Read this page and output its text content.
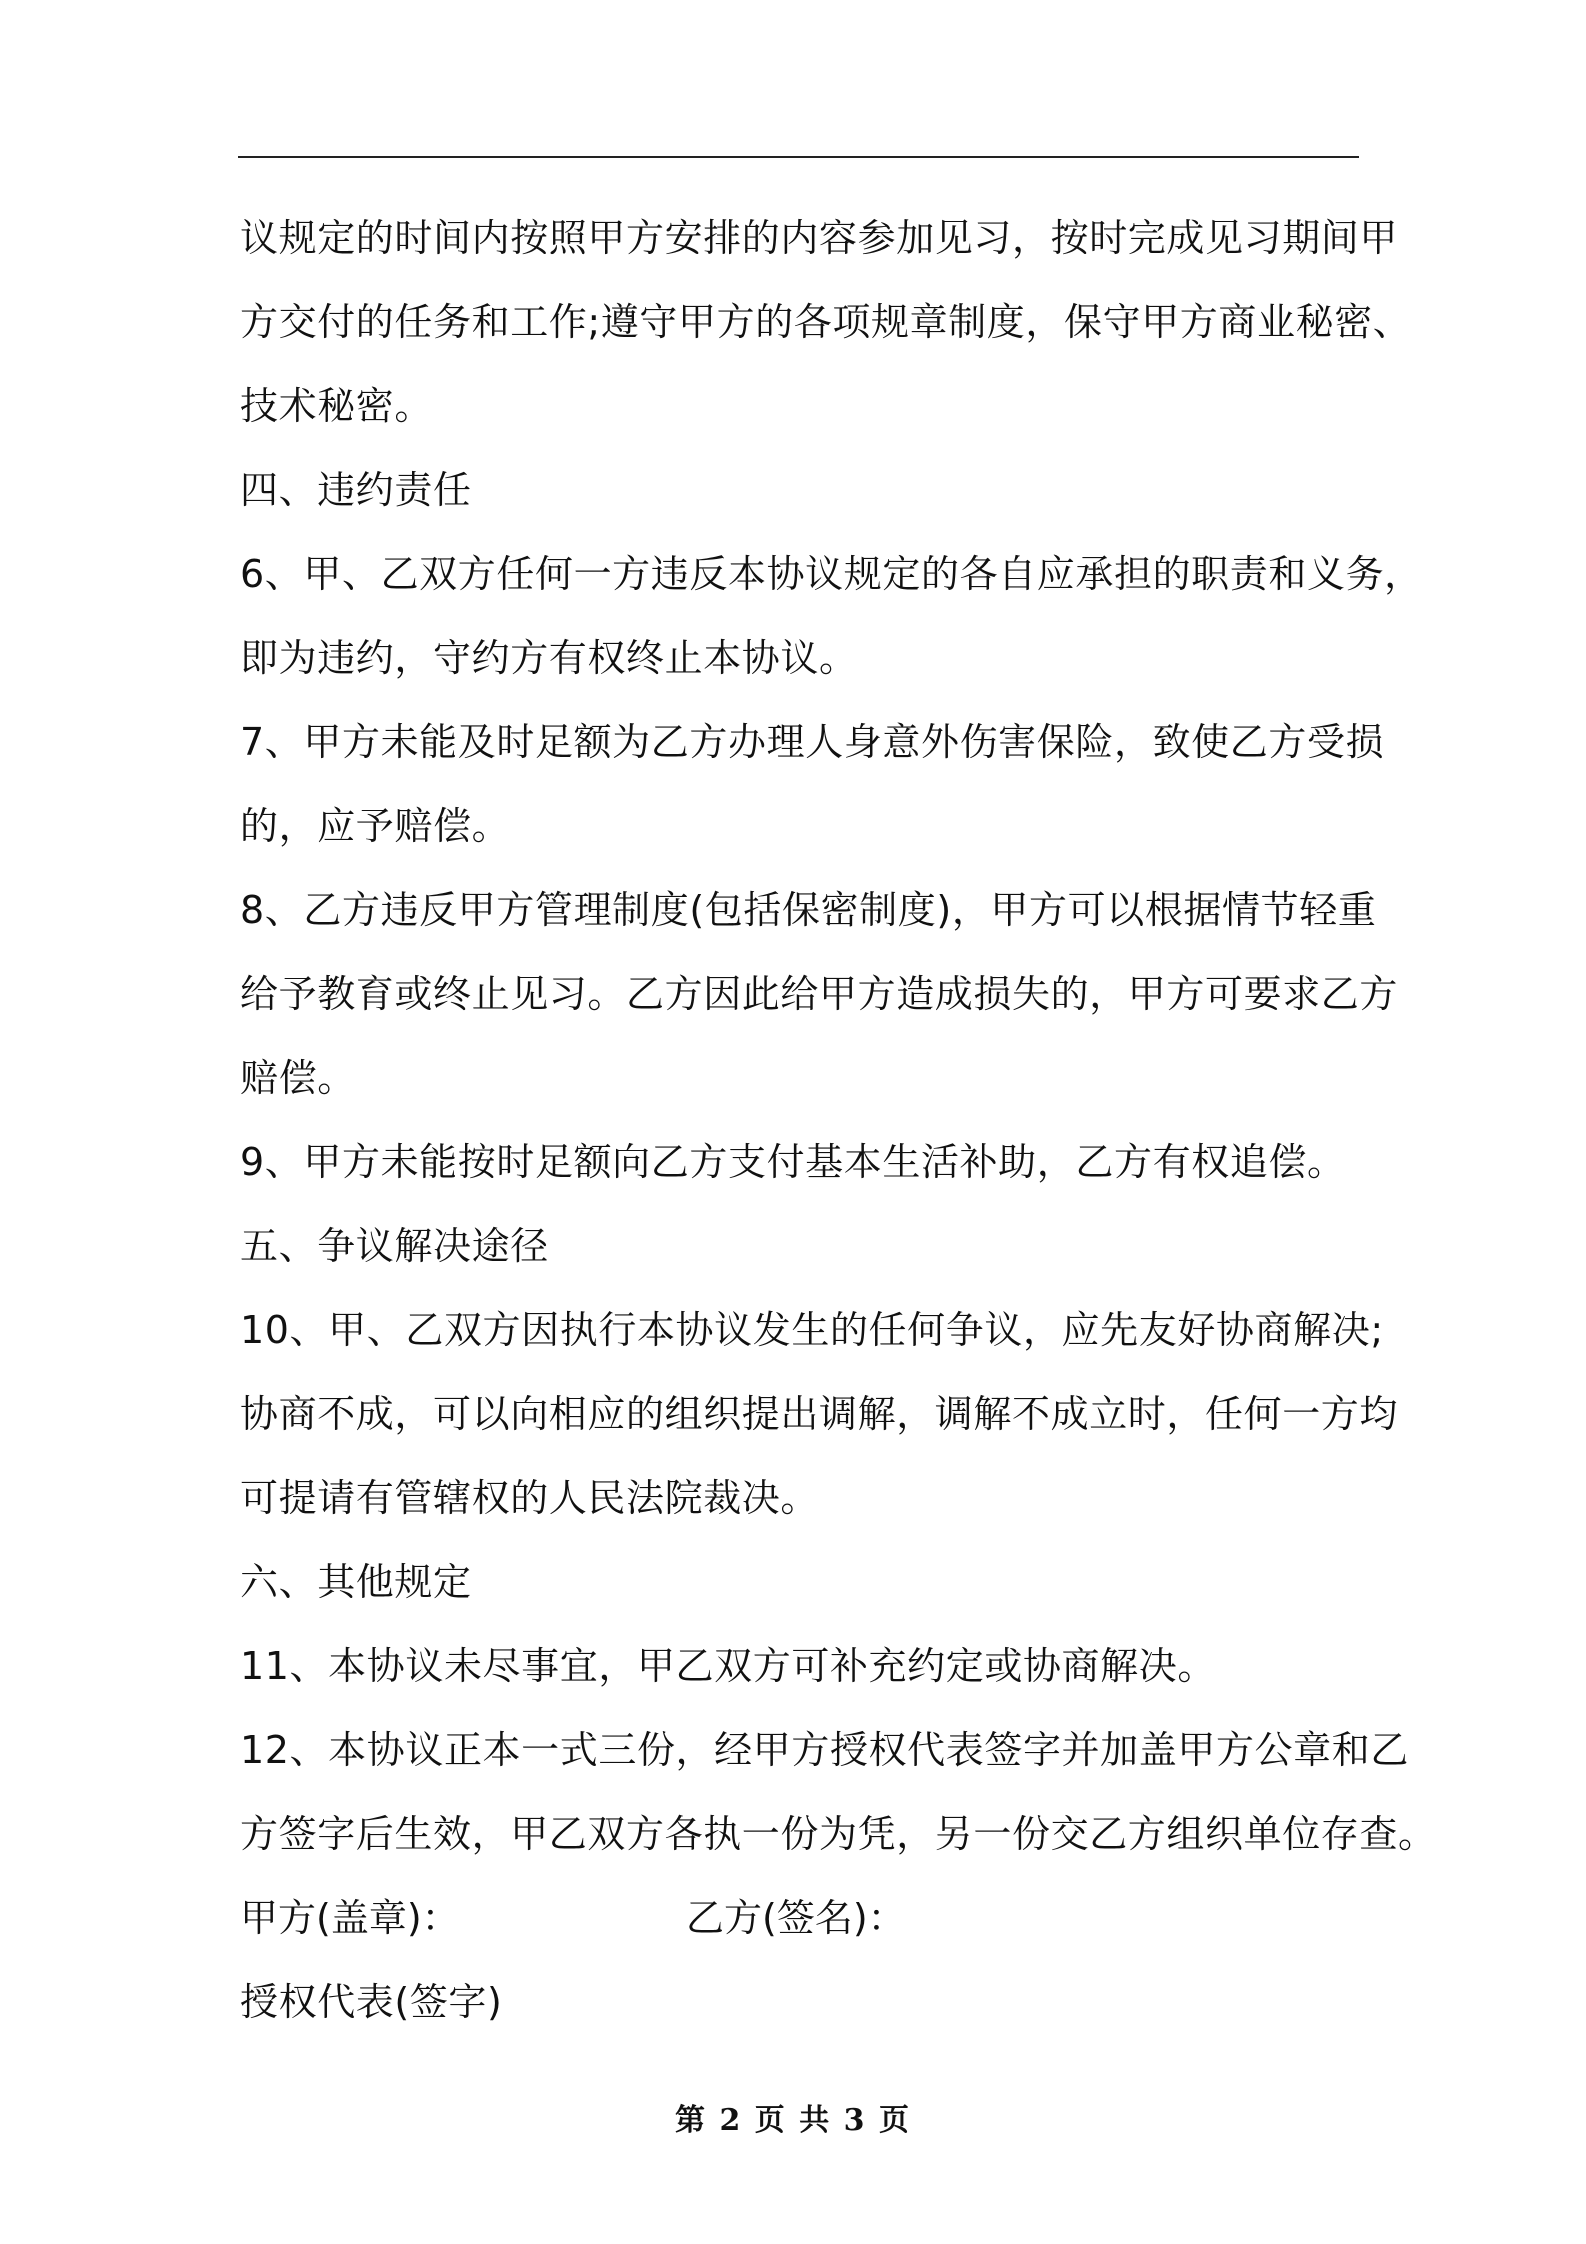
议规定的时间内按照甲方安排的内容参加见习，按时完成见习期间甲
方交付的任务和工作;遵守甲方的各项规章制度，保守甲方商业秘密、
技术秘密。
四、违约责任
6、甲、乙双方任何一方违反本协议规定的各自应承担的职责和义务，
即为违约，守约方有权终止本协议。
7、甲方未能及时足额为乙方办理人身意外伤害保险，致使乙方受损
的，应予赔偿。
8、乙方违反甲方管理制度(包括保密制度)，甲方可以根据情节轻重
给予教育或终止见习。乙方因此给甲方造成损失的，甲方可要求乙方
赔偿。
9、甲方未能按时足额向乙方支付基本生活补助，乙方有权追偿。
五、争议解决途径
10、甲、乙双方因执行本协议发生的任何争议，应先友好协商解决;
协商不成，可以向相应的组织提出调解，调解不成立时，任何一方均
可提请有管辖权的人民法院裁决。
六、其他规定
11、本协议未尽事宜，甲乙双方可补充约定或协商解决。
12、本协议正本一式三份，经甲方授权代表签字并加盖甲方公章和乙
方签字后生效，甲乙双方各执一份为凭，另一份交乙方组织单位存查。
甲方(盖章)：	乙方(签名)：
授权代表(签字)
第 2 页 共 3 页
